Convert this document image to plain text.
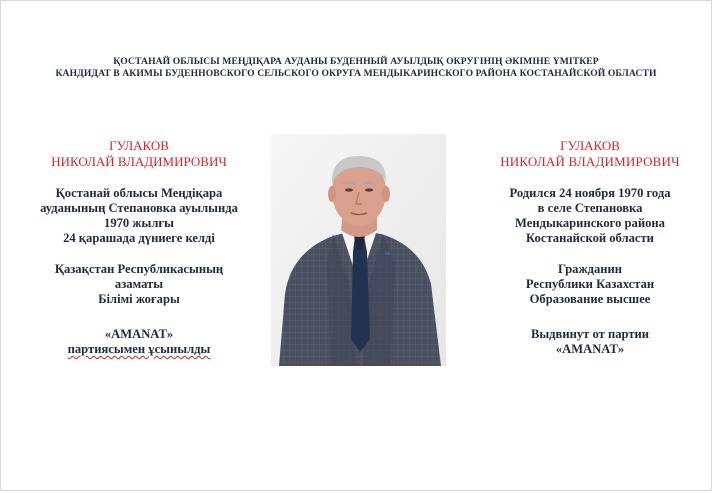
ҚОСТАНАЙ ОБЛЫСЫ МЕҢДІҚАРА АУДАНЫ БУДЕННЫЙ АУЫЛДЫҚ ОКРУГІНІҢ ӘКІМІНЕ ҮМІТКЕР
КАНДИДАТ В АКИМЫ БУДЕННОВСКОГО СЕЛЬСКОГО ОКРУГА МЕНДЫКАРИНСКОГО РАЙОНА КОСТАНАЙСКОЙ ОБЛАСТИ
ГУЛАКОВ
НИКОЛАЙ ВЛАДИМИРОВИЧ
Қостанай облысы Меңдіқара
ауданының Степановка ауылында
1970 жылғы
24 қарашада дүниеге келді
Қазақстан Республикасының
азаматы
Білімі жоғары
«AMANAT»
партиясымен ұсынылды
ГУЛАКОВ
НИКОЛАЙ ВЛАДИМИРОВИЧ
Родился 24 ноября 1970 года
в селе Степановка
Мендыкаринского района
Костанайской области
Гражданин
Республики Казахстан
Образование высшее
Выдвинут от партии
«AMANAT»
